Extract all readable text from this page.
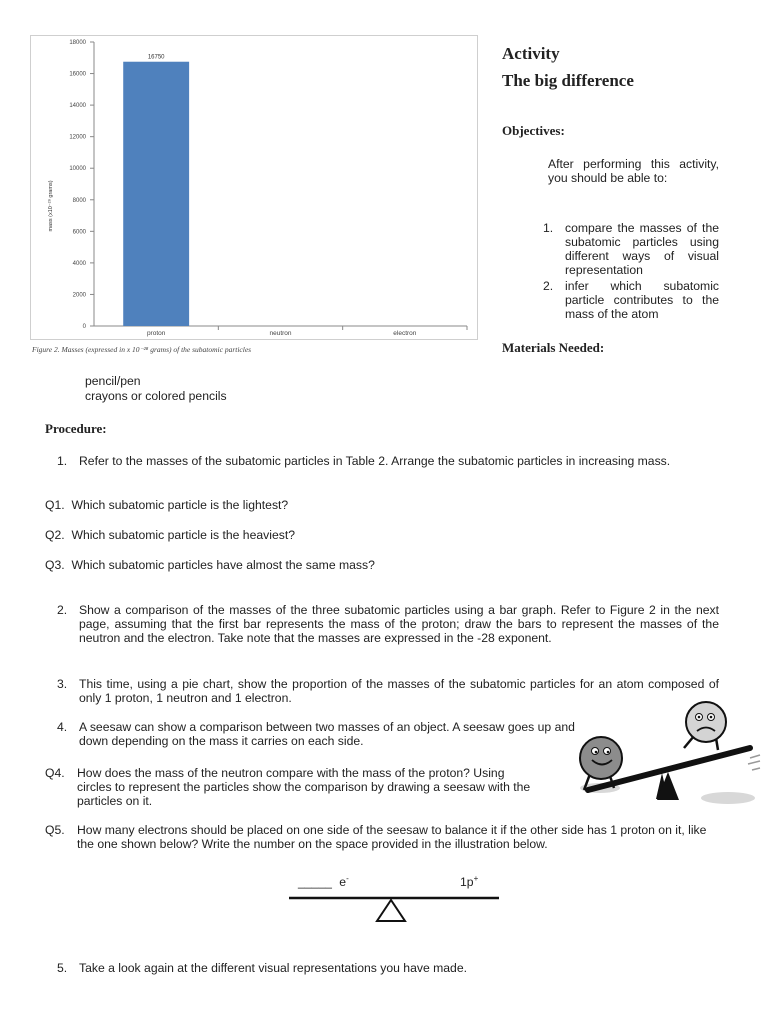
mass (x10⁻²⁸ grams)
0
2000
4000
6000
8000
10000
12000
14000
16000
18000
proton
16750
neutron	electron
Figure 2. Masses (expressed in x 10⁻²⁸ grams) of the subatomic particles
Activity
The big difference
Objectives:
After performing this activity, you should be able to:
1. compare the masses of the subatomic particles using different ways of visual representation
2. infer which subatomic particle contributes to the mass of the atom
Materials Needed:
pencil/pen
crayons or colored pencils
Procedure:
1. Refer to the masses of the subatomic particles in Table 2. Arrange the subatomic particles in increasing mass.
Q1. Which subatomic particle is the lightest?
Q2. Which subatomic particle is the heaviest?
Q3. Which subatomic particles have almost the same mass?
2. Show a comparison of the masses of the three subatomic particles using a bar graph. Refer to Figure 2 in the next page, assuming that the first bar represents the mass of the proton; draw the bars to represent the masses of the neutron and the electron. Take note that the masses are expressed in the -28 exponent.
3. This time, using a pie chart, show the proportion of the masses of the subatomic particles for an atom composed of only 1 proton, 1 neutron and 1 electron.
4. A seesaw can show a comparison between two masses of an object. A seesaw goes up and down depending on the mass it carries on each side.
Q4.	How does the mass of the neutron compare with the mass of the proton? Using circles to represent the particles show the comparison by drawing a seesaw with the particles on it.
Q5.	How many electrons should be placed on one side of the seesaw to balance it if the other side has 1 proton on it, like the one shown below? Write the number on the space provided in the illustration below.
_____ e-	1p+
5. Take a look again at the different visual representations you have made.
